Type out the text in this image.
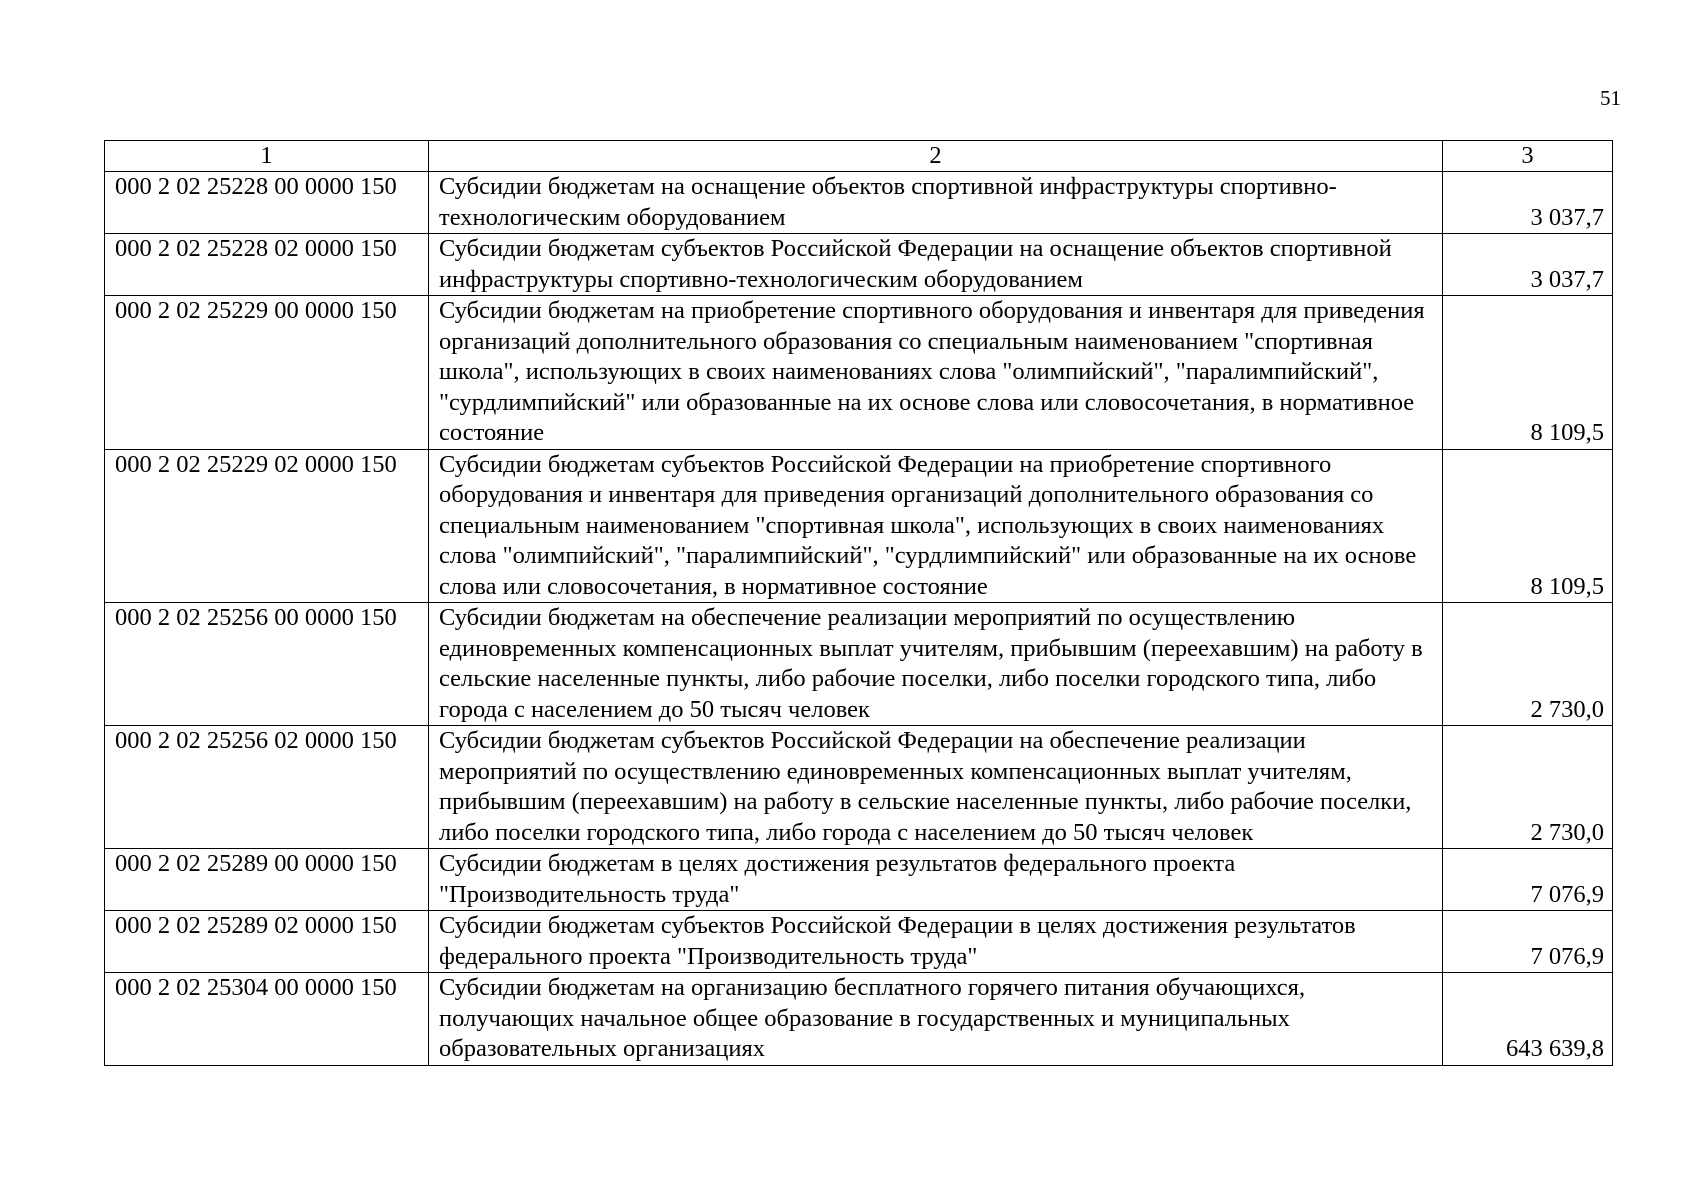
51
1	2	3
000 2 02 25228 00 0000 150	Субсидии бюджетам на оснащение объектов спортивной инфраструктуры спортивно-технологическим оборудованием	3 037,7
000 2 02 25228 02 0000 150	Субсидии бюджетам субъектов Российской Федерации на оснащение объектов спортивной инфраструктуры спортивно-технологическим оборудованием	3 037,7
000 2 02 25229 00 0000 150	Субсидии бюджетам на приобретение спортивного оборудования и инвентаря для приведения организаций дополнительного образования со специальным наименованием "спортивная школа", использующих в своих наименованиях слова "олимпийский", "паралимпийский", "сурдлимпийский" или образованные на их основе слова или словосочетания, в нормативное состояние	8 109,5
000 2 02 25229 02 0000 150	Субсидии бюджетам субъектов Российской Федерации на приобретение спортивного оборудования и инвентаря для приведения организаций дополнительного образования со специальным наименованием "спортивная школа", использующих в своих наименованиях слова "олимпийский", "паралимпийский", "сурдлимпийский" или образованные на их основе слова или словосочетания, в нормативное состояние	8 109,5
000 2 02 25256 00 0000 150	Субсидии бюджетам на обеспечение реализации мероприятий по осуществлению единовременных компенсационных выплат учителям, прибывшим (переехавшим) на работу в сельские населенные пункты, либо рабочие поселки, либо поселки городского типа, либо города с населением до 50 тысяч человек	2 730,0
000 2 02 25256 02 0000 150	Субсидии бюджетам субъектов Российской Федерации на обеспечение реализации мероприятий по осуществлению единовременных компенсационных выплат учителям, прибывшим (переехавшим) на работу в сельские населенные пункты, либо рабочие поселки, либо поселки городского типа, либо города с населением до 50 тысяч человек	2 730,0
000 2 02 25289 00 0000 150	Субсидии бюджетам в целях достижения результатов федерального проекта "Производительность труда"	7 076,9
000 2 02 25289 02 0000 150	Субсидии бюджетам субъектов Российской Федерации в целях достижения результатов федерального проекта "Производительность труда"	7 076,9
000 2 02 25304 00 0000 150	Субсидии бюджетам на организацию бесплатного горячего питания обучающихся, получающих начальное общее образование в государственных и муниципальных образовательных организациях	643 639,8
